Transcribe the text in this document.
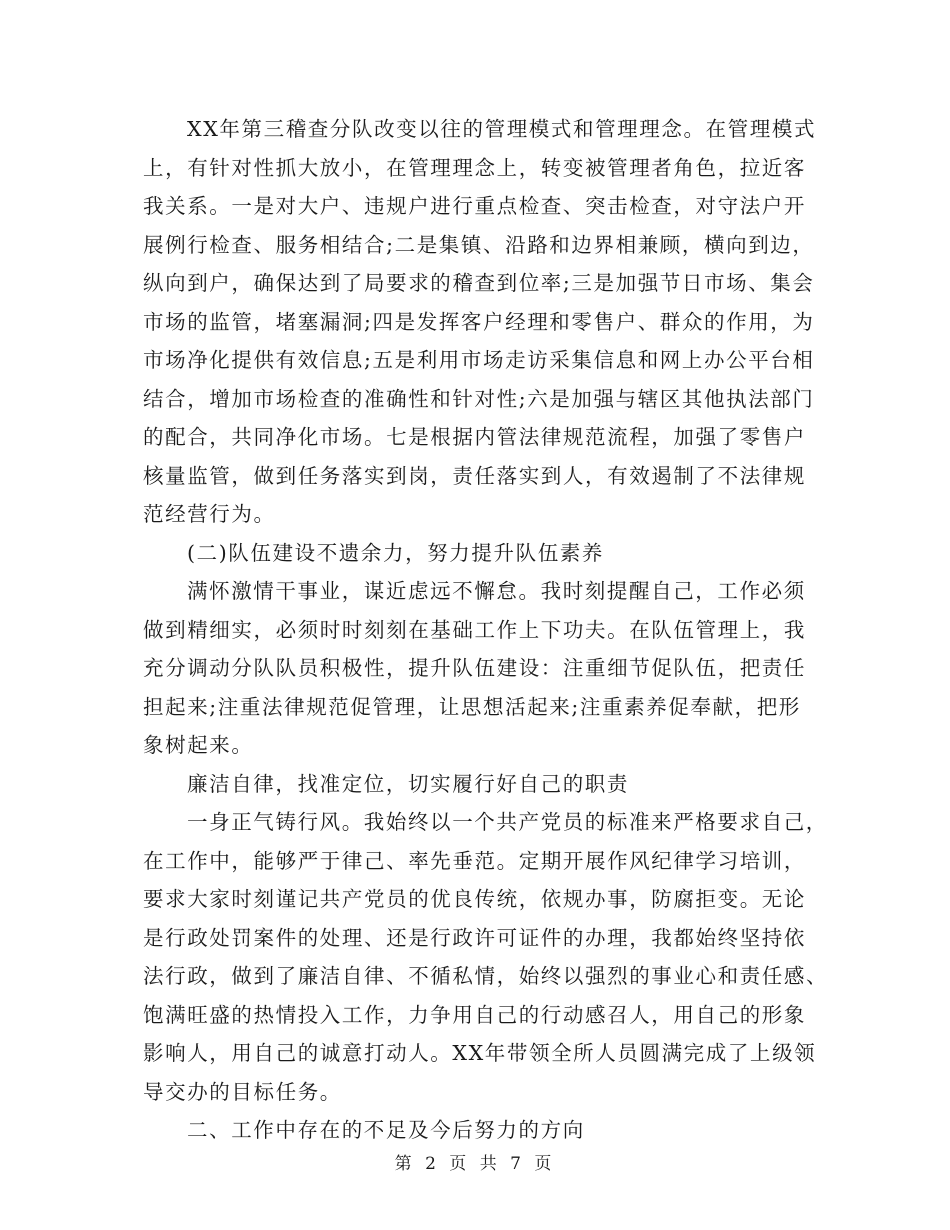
XX年第三稽查分队改变以往的管理模式和管理理念。在管理模式
上，有针对性抓大放小，在管理理念上，转变被管理者角色，拉近客
我关系。一是对大户、违规户进行重点检查、突击检查，对守法户开
展例行检查、服务相结合;二是集镇、沿路和边界相兼顾，横向到边，
纵向到户，确保达到了局要求的稽查到位率;三是加强节日市场、集会
市场的监管，堵塞漏洞;四是发挥客户经理和零售户、群众的作用，为
市场净化提供有效信息;五是利用市场走访采集信息和网上办公平台相
结合，增加市场检查的准确性和针对性;六是加强与辖区其他执法部门
的配合，共同净化市场。七是根据内管法律规范流程，加强了零售户
核量监管，做到任务落实到岗，责任落实到人，有效遏制了不法律规
范经营行为。
(二)队伍建设不遗余力，努力提升队伍素养
满怀激情干事业，谋近虑远不懈怠。我时刻提醒自己，工作必须
做到精细实，必须时时刻刻在基础工作上下功夫。在队伍管理上，我
充分调动分队队员积极性，提升队伍建设：注重细节促队伍，把责任
担起来;注重法律规范促管理，让思想活起来;注重素养促奉献，把形
象树起来。
廉洁自律，找准定位，切实履行好自己的职责
一身正气铸行风。我始终以一个共产党员的标准来严格要求自己，
在工作中，能够严于律己、率先垂范。定期开展作风纪律学习培训，
要求大家时刻谨记共产党员的优良传统，依规办事，防腐拒变。无论
是行政处罚案件的处理、还是行政许可证件的办理，我都始终坚持依
法行政，做到了廉洁自律、不循私情，始终以强烈的事业心和责任感、
饱满旺盛的热情投入工作，力争用自己的行动感召人，用自己的形象
影响人，用自己的诚意打动人。XX年带领全所人员圆满完成了上级领
导交办的目标任务。
二、工作中存在的不足及今后努力的方向
第 2 页 共 7 页
